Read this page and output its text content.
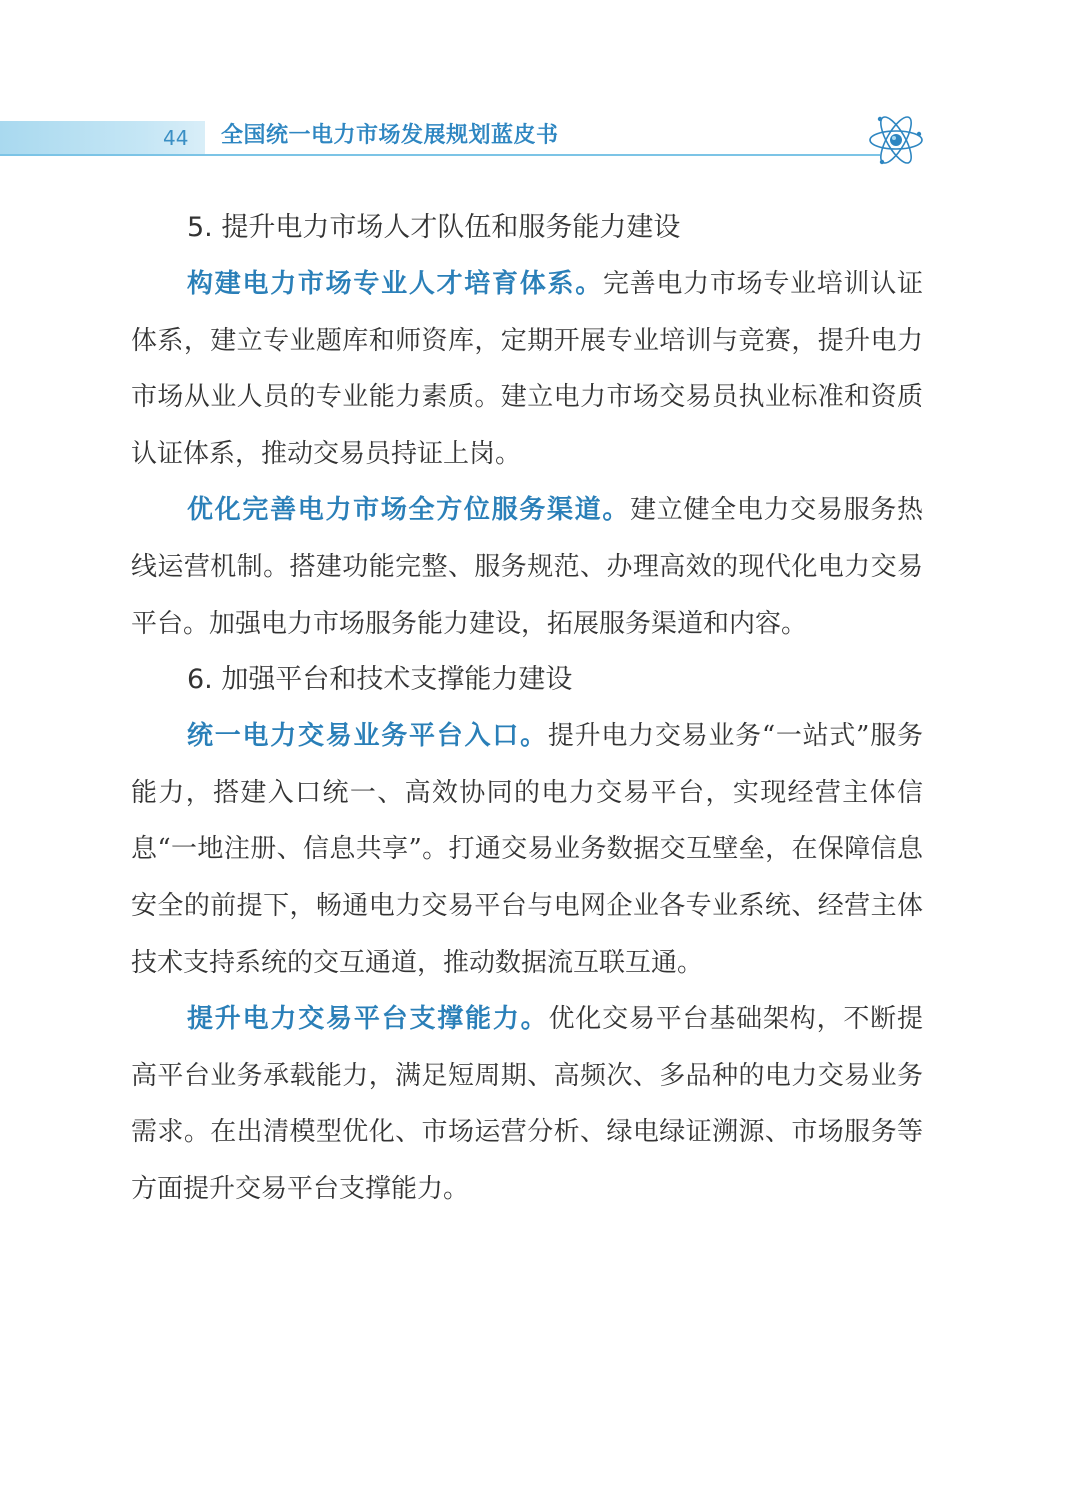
44	全国统一电力市场发展规划蓝皮书
5. 提升电力市场人才队伍和服务能力建设

构建电力市场专业人才培育体系。完善电力市场专业培训认证体系，建立专业题库和师资库，定期开展专业培训与竞赛，提升电力市场从业人员的专业能力素质。建立电力市场交易员执业标准和资质认证体系，推动交易员持证上岗。

优化完善电力市场全方位服务渠道。建立健全电力交易服务热线运营机制。搭建功能完整、服务规范、办理高效的现代化电力交易平台。加强电力市场服务能力建设，拓展服务渠道和内容。

6. 加强平台和技术支撑能力建设

统一电力交易业务平台入口。提升电力交易业务“一站式”服务能力，搭建入口统一、高效协同的电力交易平台，实现经营主体信息“一地注册、信息共享”。打通交易业务数据交互壁垒，在保障信息安全的前提下，畅通电力交易平台与电网企业各专业系统、经营主体技术支持系统的交互通道，推动数据流互联互通。

提升电力交易平台支撑能力。优化交易平台基础架构，不断提高平台业务承载能力，满足短周期、高频次、多品种的电力交易业务需求。在出清模型优化、市场运营分析、绿电绿证溯源、市场服务等方面提升交易平台支撑能力。
